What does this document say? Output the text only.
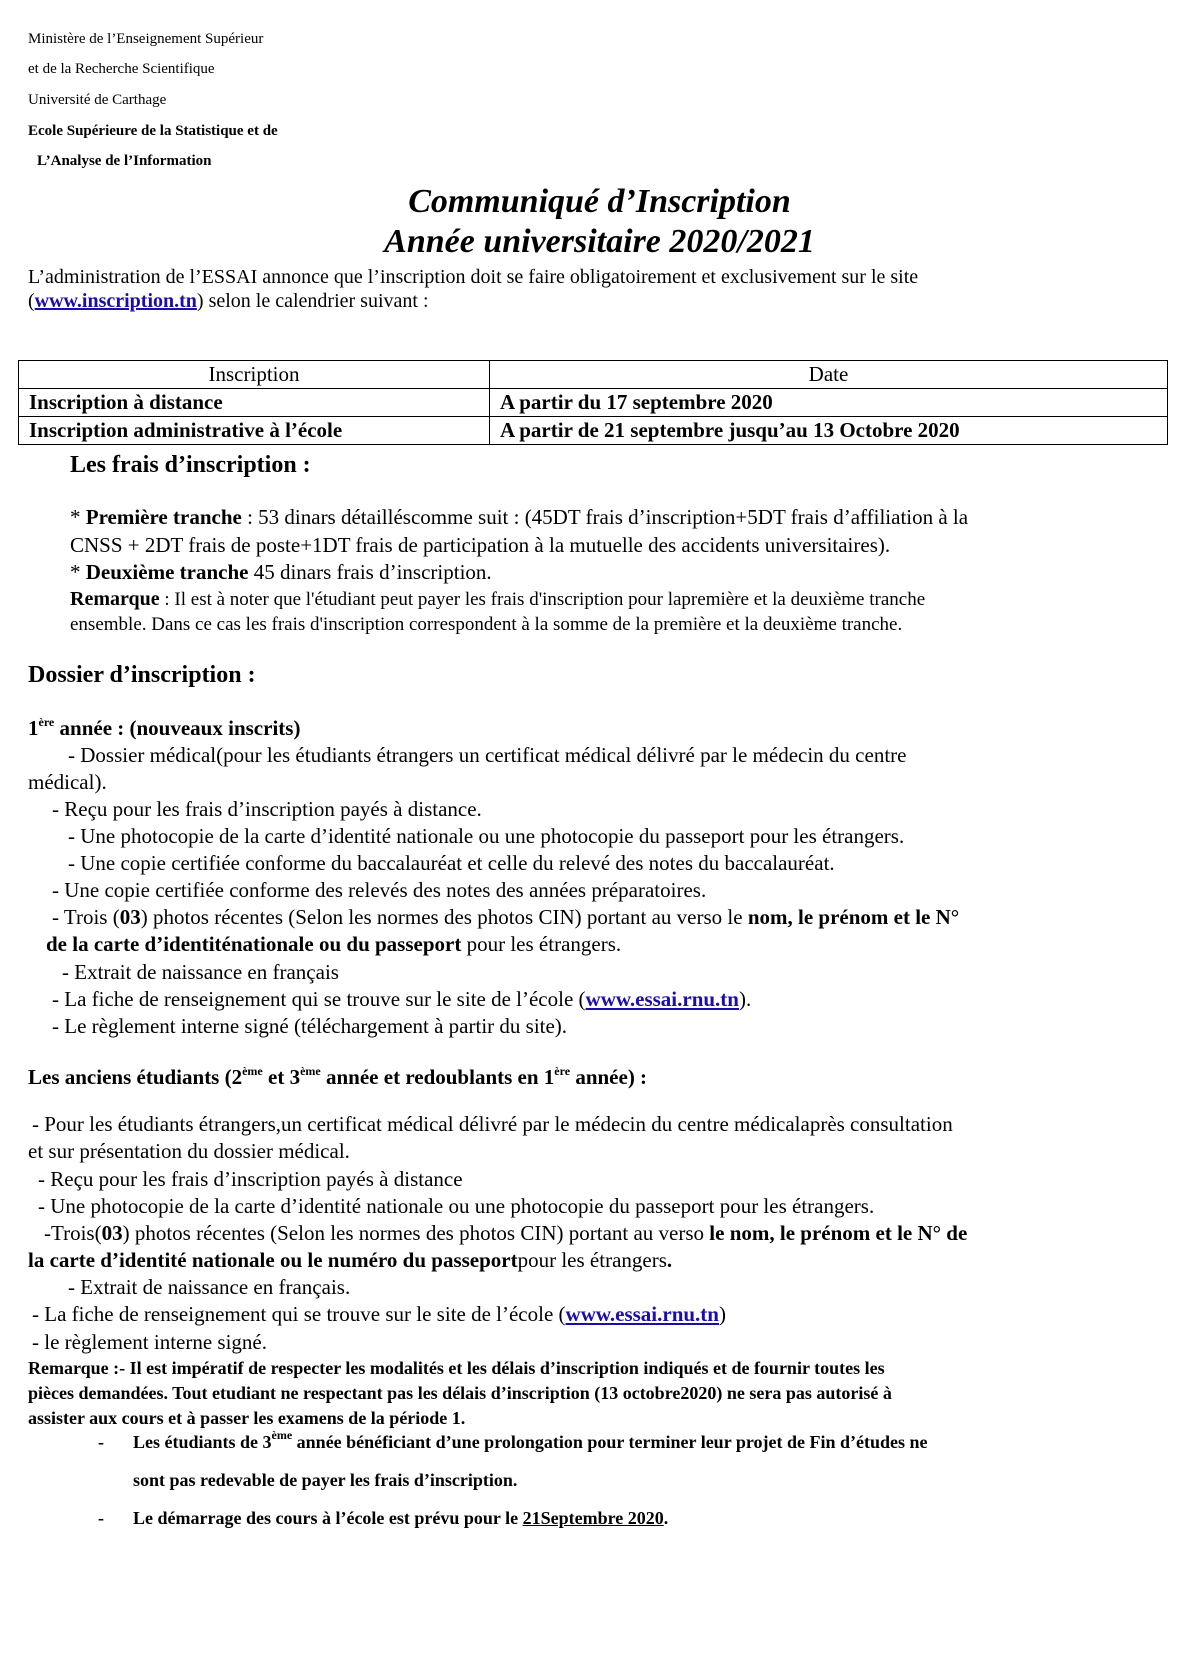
Ministère de l’Enseignement Supérieur
et de la Recherche Scientifique
Université de Carthage
Ecole Supérieure de la Statistique et de
L’Analyse de l’Information
Communiqué d’Inscription
Année universitaire 2020/2021
L’administration de l’ESSAI annonce que l’inscription doit se faire obligatoirement et exclusivement sur le site
(www.inscription.tn) selon le calendrier suivant :
Inscription	Date
Inscription à distance	A partir du 17 septembre 2020
Inscription administrative à l’école	A partir de 21 septembre jusqu’au 13 Octobre 2020
Les frais d’inscription :
* Première tranche : 53 dinars détailléscomme suit : (45DT frais d’inscription+5DT frais d’affiliation à la
CNSS + 2DT frais de poste+1DT frais de participation à la mutuelle des accidents universitaires).
* Deuxième tranche 45 dinars frais d’inscription.
Remarque : Il est à noter que l'étudiant peut payer les frais d'inscription pour lapremière et la deuxième tranche
ensemble. Dans ce cas les frais d'inscription correspondent à la somme de la première et la deuxième tranche.
Dossier d’inscription :
1ère année : (nouveaux inscrits)
- Dossier médical(pour les étudiants étrangers un certificat médical délivré par le médecin du centre
médical).
- Reçu pour les frais d’inscription payés à distance.
- Une photocopie de la carte d’identité nationale ou une photocopie du passeport pour les étrangers.
- Une copie certifiée conforme du baccalauréat et celle du relevé des notes du baccalauréat.
- Une copie certifiée conforme des relevés des notes des années préparatoires.
- Trois (03) photos récentes (Selon les normes des photos CIN) portant au verso le nom, le prénom et le N°
de la carte d’identiténationale ou du passeport pour les étrangers.
- Extrait de naissance en français
- La fiche de renseignement qui se trouve sur le site de l’école (www.essai.rnu.tn).
- Le règlement interne signé (téléchargement à partir du site).
Les anciens étudiants (2ème et 3ème année et redoublants en 1ère année) :
- Pour les étudiants étrangers,un certificat médical délivré par le médecin du centre médicalaprès consultation
et sur présentation du dossier médical.
- Reçu pour les frais d’inscription payés à distance
- Une photocopie de la carte d’identité nationale ou une photocopie du passeport pour les étrangers.
-Trois(03) photos récentes (Selon les normes des photos CIN) portant au verso le nom, le prénom et le N° de
la carte d’identité nationale ou le numéro du passeportpour les étrangers.
- Extrait de naissance en français.
- La fiche de renseignement qui se trouve sur le site de l’école (www.essai.rnu.tn)
- le règlement interne signé.
Remarque :- Il est impératif de respecter les modalités et les délais d’inscription indiqués et de fournir toutes les
pièces demandées. Tout etudiant ne respectant pas les délais d’inscription (13 octobre2020) ne sera pas autorisé à
assister aux cours et à passer les examens de la période 1.
- Les étudiants de 3ème année bénéficiant d’une prolongation pour terminer leur projet de Fin d’études ne
sont pas redevable de payer les frais d’inscription.
- Le démarrage des cours à l’école est prévu pour le 21Septembre 2020.
